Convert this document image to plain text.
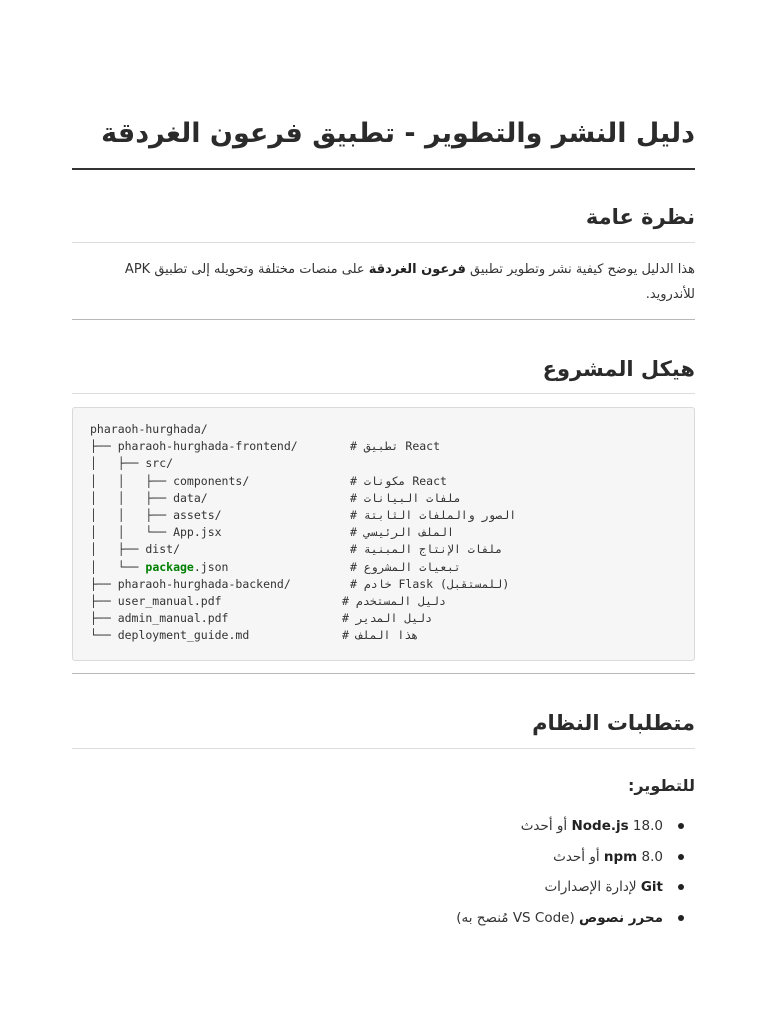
دليل النشر والتطوير - تطبيق فرعون الغردقة
نظرة عامة

هذا الدليل يوضح كيفية نشر وتطوير تطبيق فرعون الغردقة على منصات مختلفة وتحويله إلى تطبيق APK للأندرويد.

هيكل المشروع
pharaoh-hurghada/
├── pharaoh-hurghada-frontend/	# تطبيق React
│   ├── src/
│   │   ├── components/	# مكونات React
│   │   ├── data/	# ملفات البيانات
│   │   ├── assets/	# الصور والملفات الثابتة
│   │   └── App.jsx	# الملف الرئيسي
│   ├── dist/	# ملفات الإنتاج المبنية
│   └── package.json	# تبعيات المشروع
├── pharaoh-hurghada-backend/	# خادم Flask (للمستقبل)
├── user_manual.pdf	# دليل المستخدم
├── admin_manual.pdf	# دليل المدير
└── deployment_guide.md	# هذا الملف
متطلبات النظام
للتطوير:
Node.js 18.0 أو أحدث
npm 8.0 أو أحدث
Git لإدارة الإصدارات
محرر نصوص (VS Code مُنصح به)
